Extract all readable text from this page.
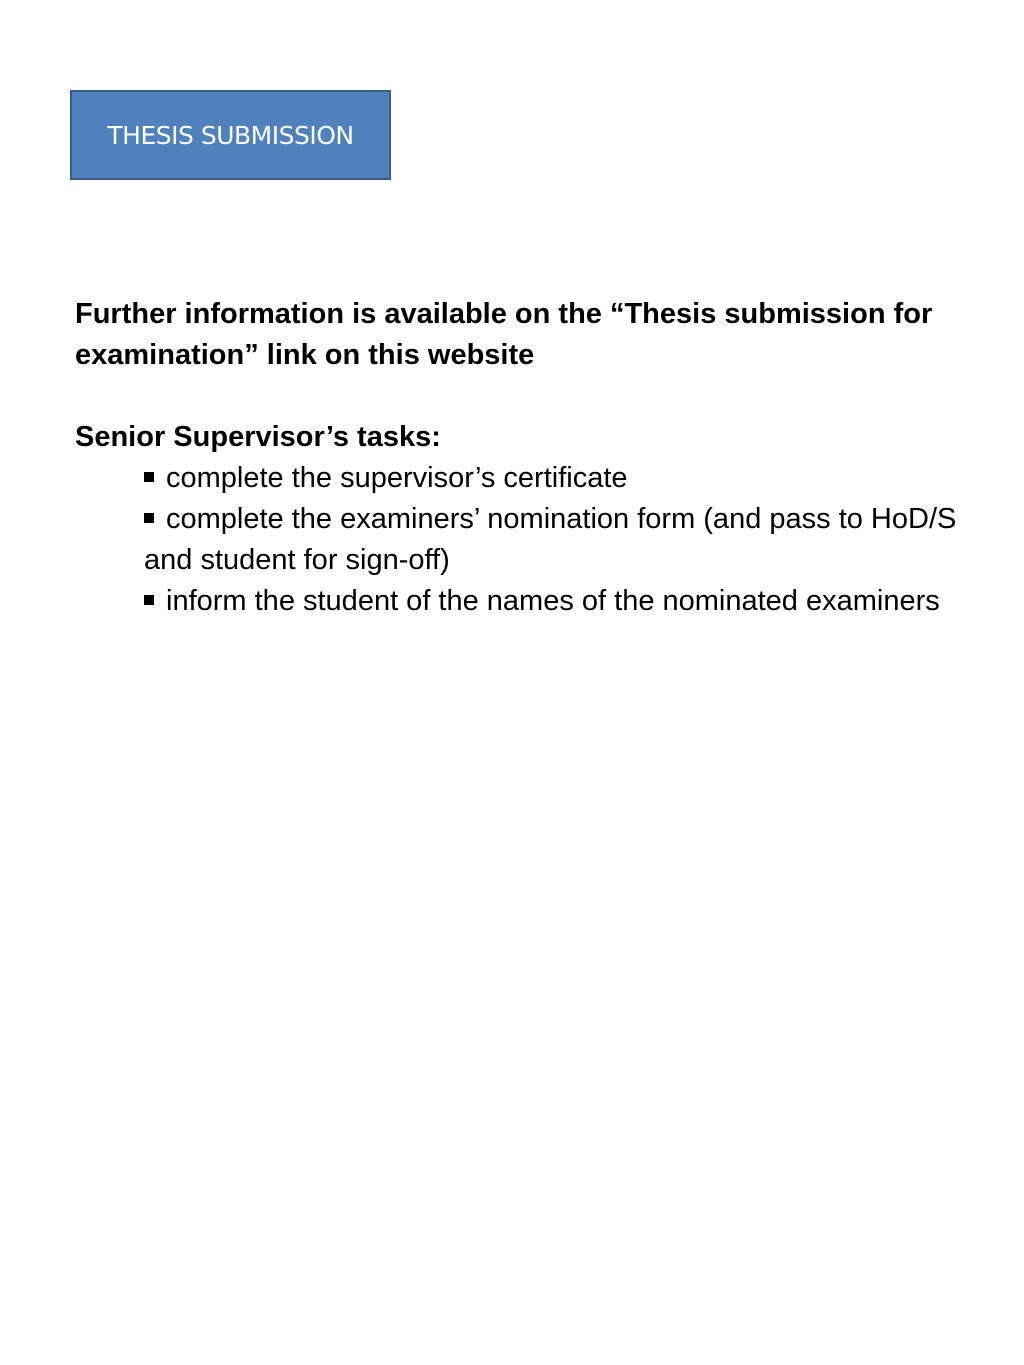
THESIS SUBMISSION

Further information is available on the “Thesis submission for examination” link on this website

Senior Supervisor’s tasks:

complete the supervisor’s certificate
complete the examiners’ nomination form (and pass to HoD/S and student for sign-off)
inform the student of the names of the nominated examiners
